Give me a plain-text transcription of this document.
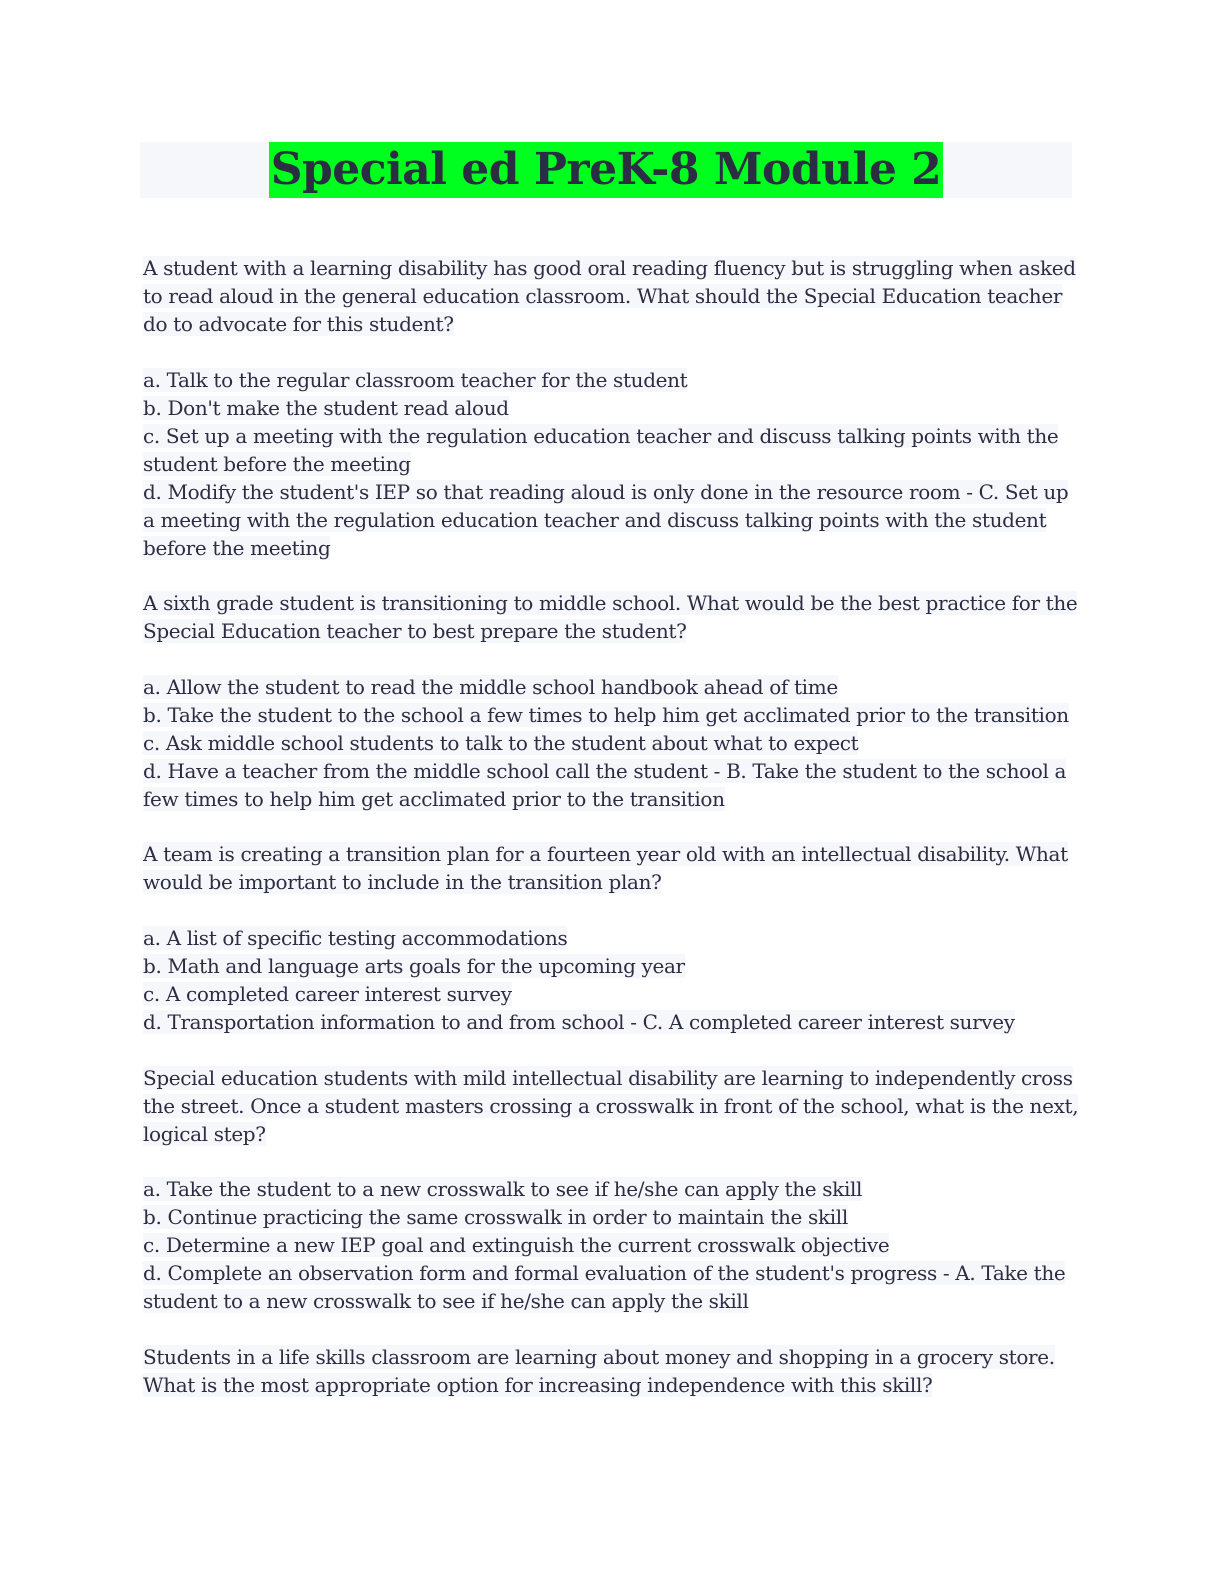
Special ed PreK-8 Module 2
A student with a learning disability has good oral reading fluency but is struggling when asked to read aloud in the general education classroom. What should the Special Education teacher do to advocate for this student?
a. Talk to the regular classroom teacher for the student
b. Don't make the student read aloud
c. Set up a meeting with the regulation education teacher and discuss talking points with the student before the meeting
d. Modify the student's IEP so that reading aloud is only done in the resource room - C. Set up a meeting with the regulation education teacher and discuss talking points with the student before the meeting
A sixth grade student is transitioning to middle school. What would be the best practice for the Special Education teacher to best prepare the student?
a. Allow the student to read the middle school handbook ahead of time
b. Take the student to the school a few times to help him get acclimated prior to the transition
c. Ask middle school students to talk to the student about what to expect
d. Have a teacher from the middle school call the student - B. Take the student to the school a few times to help him get acclimated prior to the transition
A team is creating a transition plan for a fourteen year old with an intellectual disability. What would be important to include in the transition plan?
a. A list of specific testing accommodations
b. Math and language arts goals for the upcoming year
c. A completed career interest survey
d. Transportation information to and from school - C. A completed career interest survey
Special education students with mild intellectual disability are learning to independently cross the street. Once a student masters crossing a crosswalk in front of the school, what is the next, logical step?
a. Take the student to a new crosswalk to see if he/she can apply the skill
b. Continue practicing the same crosswalk in order to maintain the skill
c. Determine a new IEP goal and extinguish the current crosswalk objective
d. Complete an observation form and formal evaluation of the student's progress - A. Take the student to a new crosswalk to see if he/she can apply the skill
Students in a life skills classroom are learning about money and shopping in a grocery store. What is the most appropriate option for increasing independence with this skill?
